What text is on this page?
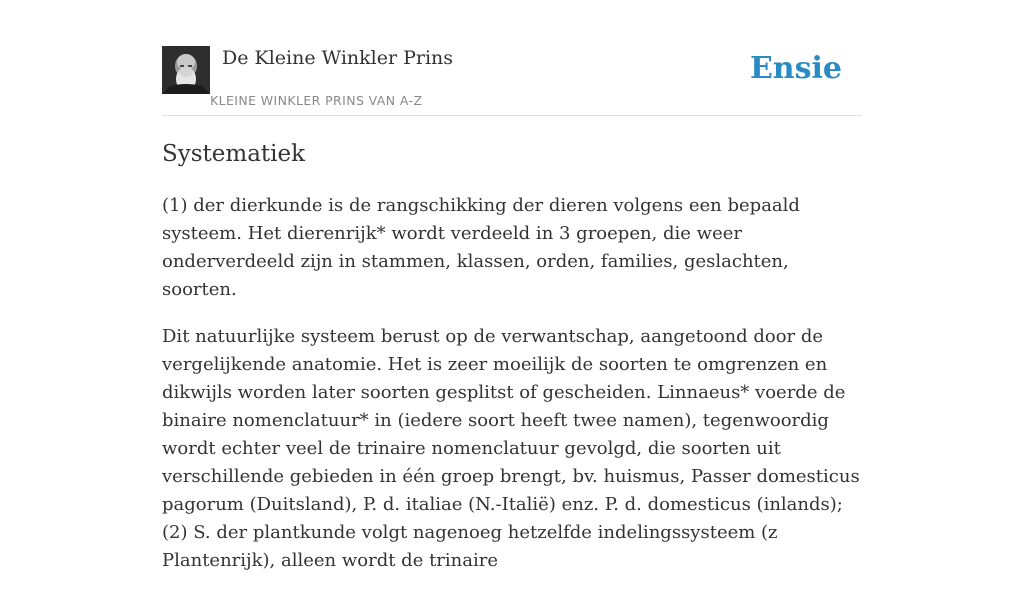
De Kleine Winkler Prins
KLEINE WINKLER PRINS VAN A-Z
Ensie
Systematiek

(1) der dierkunde is de rangschikking der dieren volgens een bepaald systeem. Het dierenrijk* wordt verdeeld in 3 groepen, die weer onderverdeeld zijn in stammen, klassen, orden, families, geslachten, soorten.

Dit natuurlijke systeem berust op de verwantschap, aangetoond door de vergelijkende anatomie. Het is zeer moeilijk de soorten te omgrenzen en dikwijls worden later soorten gesplitst of gescheiden. Linnaeus* voerde de binaire nomenclatuur* in (iedere soort heeft twee namen), tegenwoordig wordt echter veel de trinaire nomenclatuur gevolgd, die soorten uit verschillende gebieden in één groep brengt, bv. huismus, Passer domesticus pagorum (Duitsland), P. d. italiae (N.-Italië) enz. P. d. domesticus (inlands);(2) S. der plantkunde volgt nagenoeg hetzelfde indelingssysteem (z Plantenrijk), alleen wordt de trinaire
